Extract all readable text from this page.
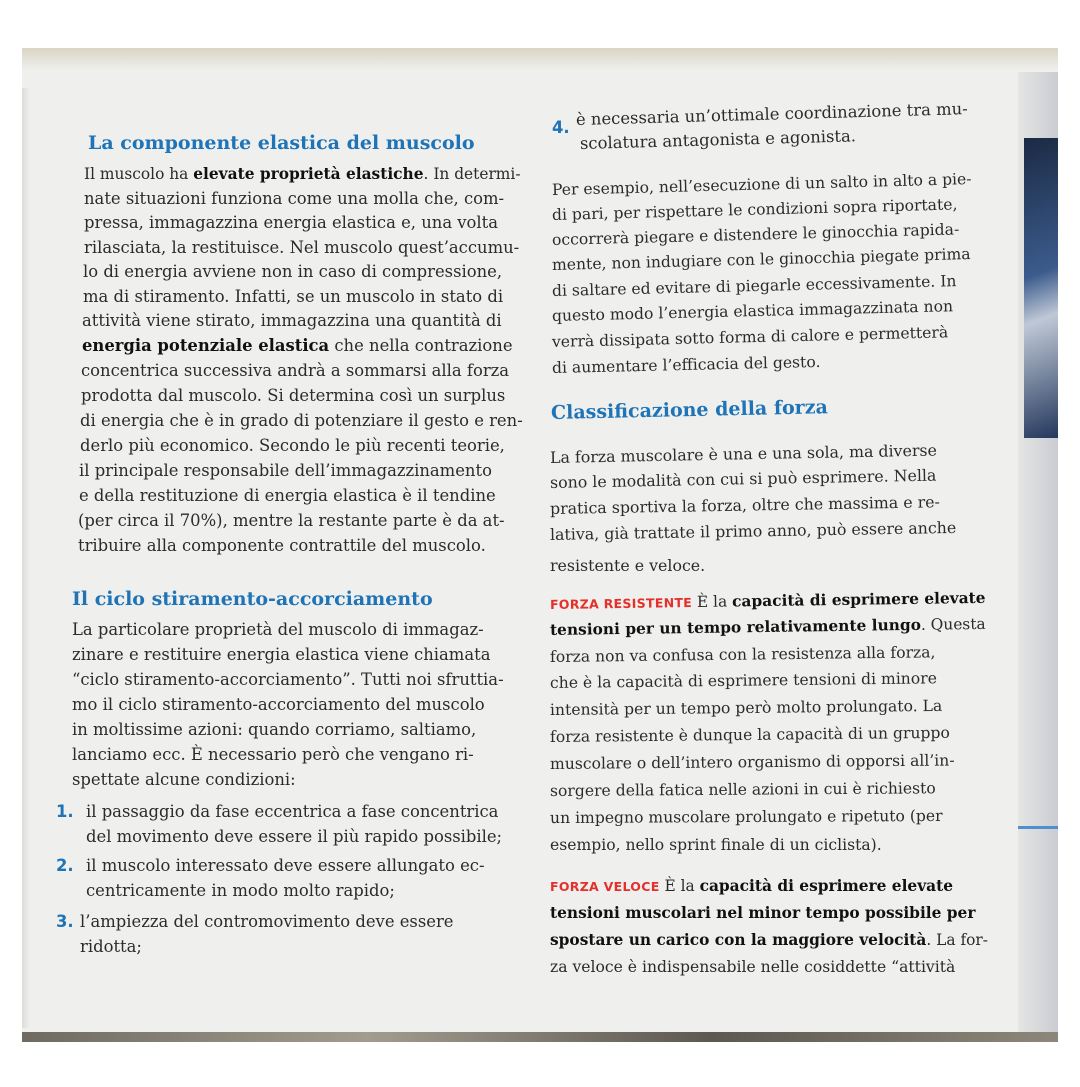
La componente elastica del muscolo
Il muscolo ha elevate proprietà elastiche. In determi-
nate situazioni funziona come una molla che, com-
pressa, immagazzina energia elastica e, una volta
rilasciata, la restituisce. Nel muscolo quest’accumu-
lo di energia avviene non in caso di compressione,
ma di stiramento. Infatti, se un muscolo in stato di
attività viene stirato, immagazzina una quantità di
energia potenziale elastica che nella contrazione
concentrica successiva andrà a sommarsi alla forza
prodotta dal muscolo. Si determina così un surplus
di energia che è in grado di potenziare il gesto e ren-
derlo più economico. Secondo le più recenti teorie,
il principale responsabile dell’immagazzinamento
e della restituzione di energia elastica è il tendine
(per circa il 70%), mentre la restante parte è da at-
tribuire alla componente contrattile del muscolo.
Il ciclo stiramento-accorciamento
La particolare proprietà del muscolo di immagaz-
zinare e restituire energia elastica viene chiamata
“ciclo stiramento-accorciamento”. Tutti noi sfruttia-
mo il ciclo stiramento-accorciamento del muscolo
in moltissime azioni: quando corriamo, saltiamo,
lanciamo ecc. È necessario però che vengano ri-
spettate alcune condizioni:
1. il passaggio da fase eccentrica a fase concentrica
del movimento deve essere il più rapido possibile;
2. il muscolo interessato deve essere allungato ec-
centricamente in modo molto rapido;
3. l’ampiezza del contromovimento deve essere
ridotta;
4. è necessaria un’ottimale coordinazione tra mu-
scolatura antagonista e agonista.
Per esempio, nell’esecuzione di un salto in alto a pie-
di pari, per rispettare le condizioni sopra riportate,
occorrerà piegare e distendere le ginocchia rapida-
mente, non indugiare con le ginocchia piegate prima
di saltare ed evitare di piegarle eccessivamente. In
questo modo l’energia elastica immagazzinata non
verrà dissipata sotto forma di calore e permetterà
di aumentare l’efficacia del gesto.
Classificazione della forza
La forza muscolare è una e una sola, ma diverse
sono le modalità con cui si può esprimere. Nella
pratica sportiva la forza, oltre che massima e re-
lativa, già trattate il primo anno, può essere anche
resistente e veloce.
FORZA RESISTENTE È la capacità di esprimere elevate
tensioni per un tempo relativamente lungo. Questa
forza non va confusa con la resistenza alla forza,
che è la capacità di esprimere tensioni di minore
intensità per un tempo però molto prolungato. La
forza resistente è dunque la capacità di un gruppo
muscolare o dell’intero organismo di opporsi all’in-
sorgere della fatica nelle azioni in cui è richiesto
un impegno muscolare prolungato e ripetuto (per
esempio, nello sprint finale di un ciclista).
FORZA VELOCE È la capacità di esprimere elevate
tensioni muscolari nel minor tempo possibile per
spostare un carico con la maggiore velocità. La for-
za veloce è indispensabile nelle cosiddette “attività
